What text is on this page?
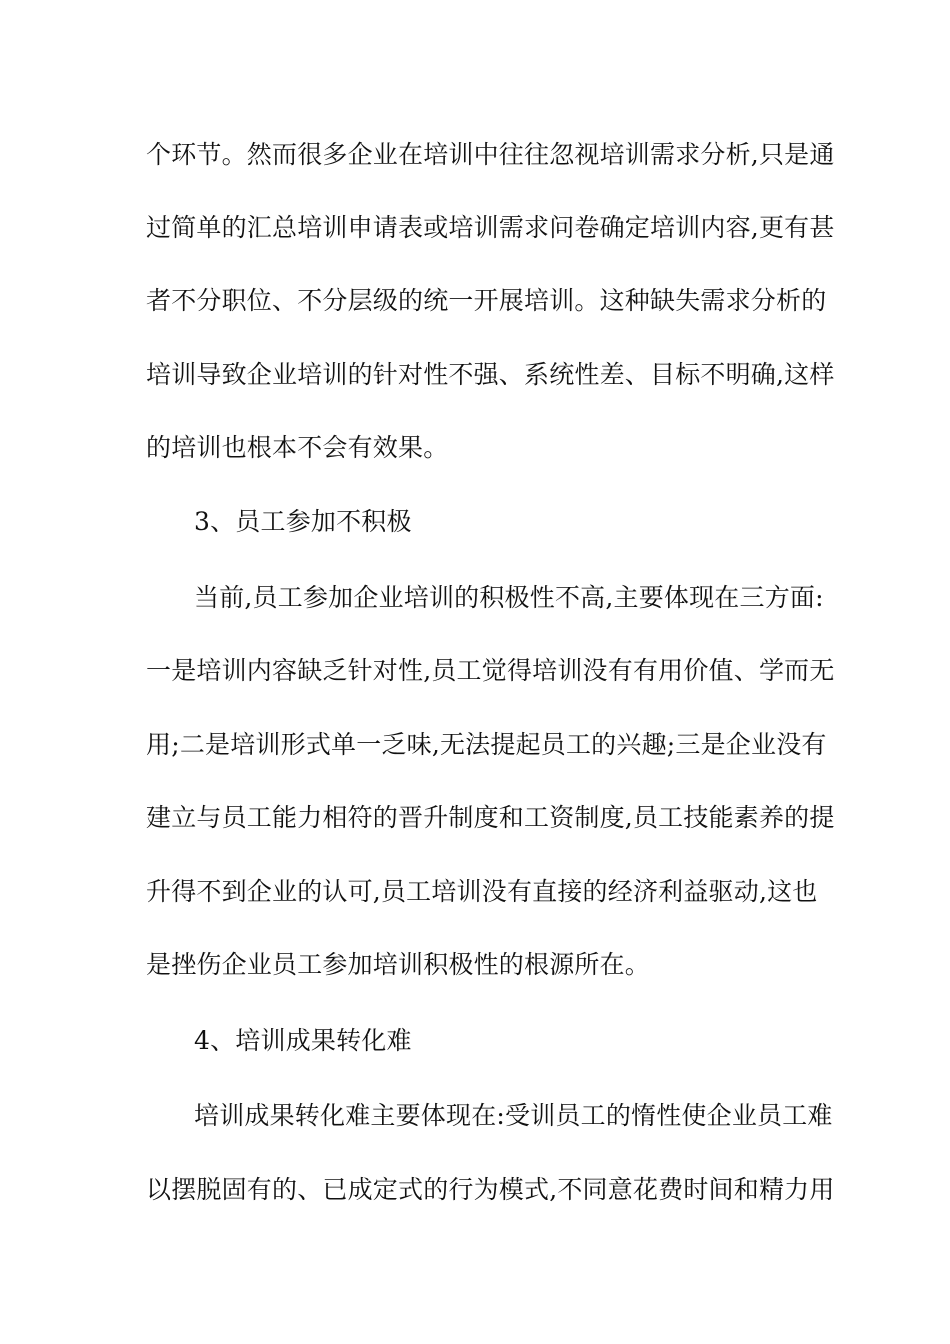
个环节。然而很多企业在培训中往往忽视培训需求分析,只是通
过简单的汇总培训申请表或培训需求问卷确定培训内容,更有甚
者不分职位、不分层级的统一开展培训。这种缺失需求分析的
培训导致企业培训的针对性不强、系统性差、目标不明确,这样
的培训也根本不会有效果。
3、员工参加不积极
当前,员工参加企业培训的积极性不高,主要体现在三方面:
一是培训内容缺乏针对性,员工觉得培训没有有用价值、学而无
用;二是培训形式单一乏味,无法提起员工的兴趣;三是企业没有
建立与员工能力相符的晋升制度和工资制度,员工技能素养的提
升得不到企业的认可,员工培训没有直接的经济利益驱动,这也
是挫伤企业员工参加培训积极性的根源所在。
4、培训成果转化难
培训成果转化难主要体现在:受训员工的惰性使企业员工难
以摆脱固有的、已成定式的行为模式,不同意花费时间和精力用
